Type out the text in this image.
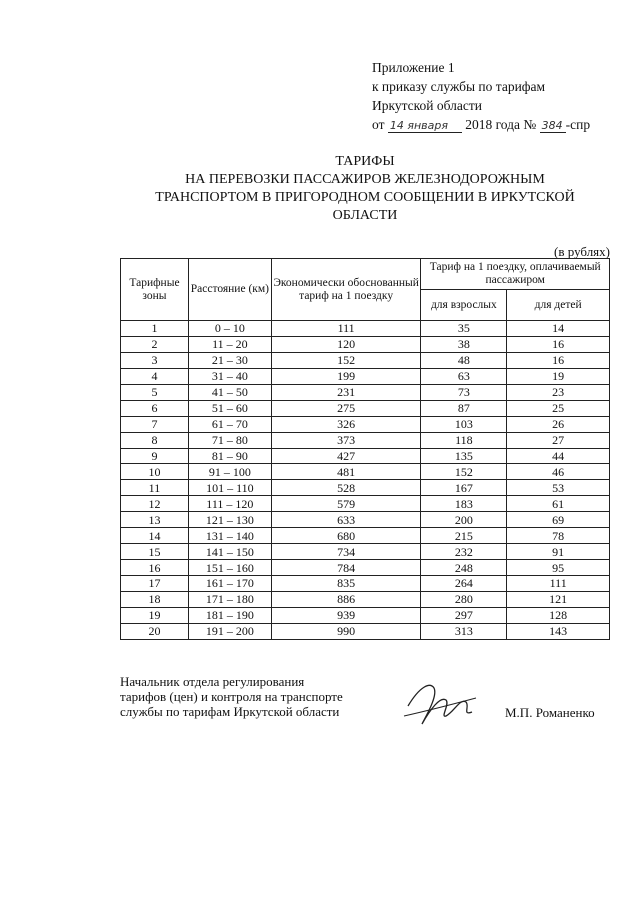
Приложение 1
к приказу службы по тарифам
Иркутской области
от 14 января 2018 года № 384 -спр
ТАРИФЫ
НА ПЕРЕВОЗКИ ПАССАЖИРОВ ЖЕЛЕЗНОДОРОЖНЫМ
ТРАНСПОРТОМ В ПРИГОРОДНОМ СООБЩЕНИИ В ИРКУТСКОЙ
ОБЛАСТИ
(в рублях)
Тарифные зоны	Расстояние (км)	Экономически обоснованный тариф на 1 поездку	Тариф на 1 поездку, оплачиваемый пассажиром	
			для взрослых	для детей
1	0 – 10	111	35	14
2	11 – 20	120	38	16
3	21 – 30	152	48	16
4	31 – 40	199	63	19
5	41 – 50	231	73	23
6	51 – 60	275	87	25
7	61 – 70	326	103	26
8	71 – 80	373	118	27
9	81 – 90	427	135	44
10	91 – 100	481	152	46
11	101 – 110	528	167	53
12	111 – 120	579	183	61
13	121 – 130	633	200	69
14	131 – 140	680	215	78
15	141 – 150	734	232	91
16	151 – 160	784	248	95
17	161 – 170	835	264	111
18	171 – 180	886	280	121
19	181 – 190	939	297	128
20	191 – 200	990	313	143
Начальник отдела регулирования
тарифов (цен) и контроля на транспорте
службы по тарифам Иркутской области	М.П. Романенко
